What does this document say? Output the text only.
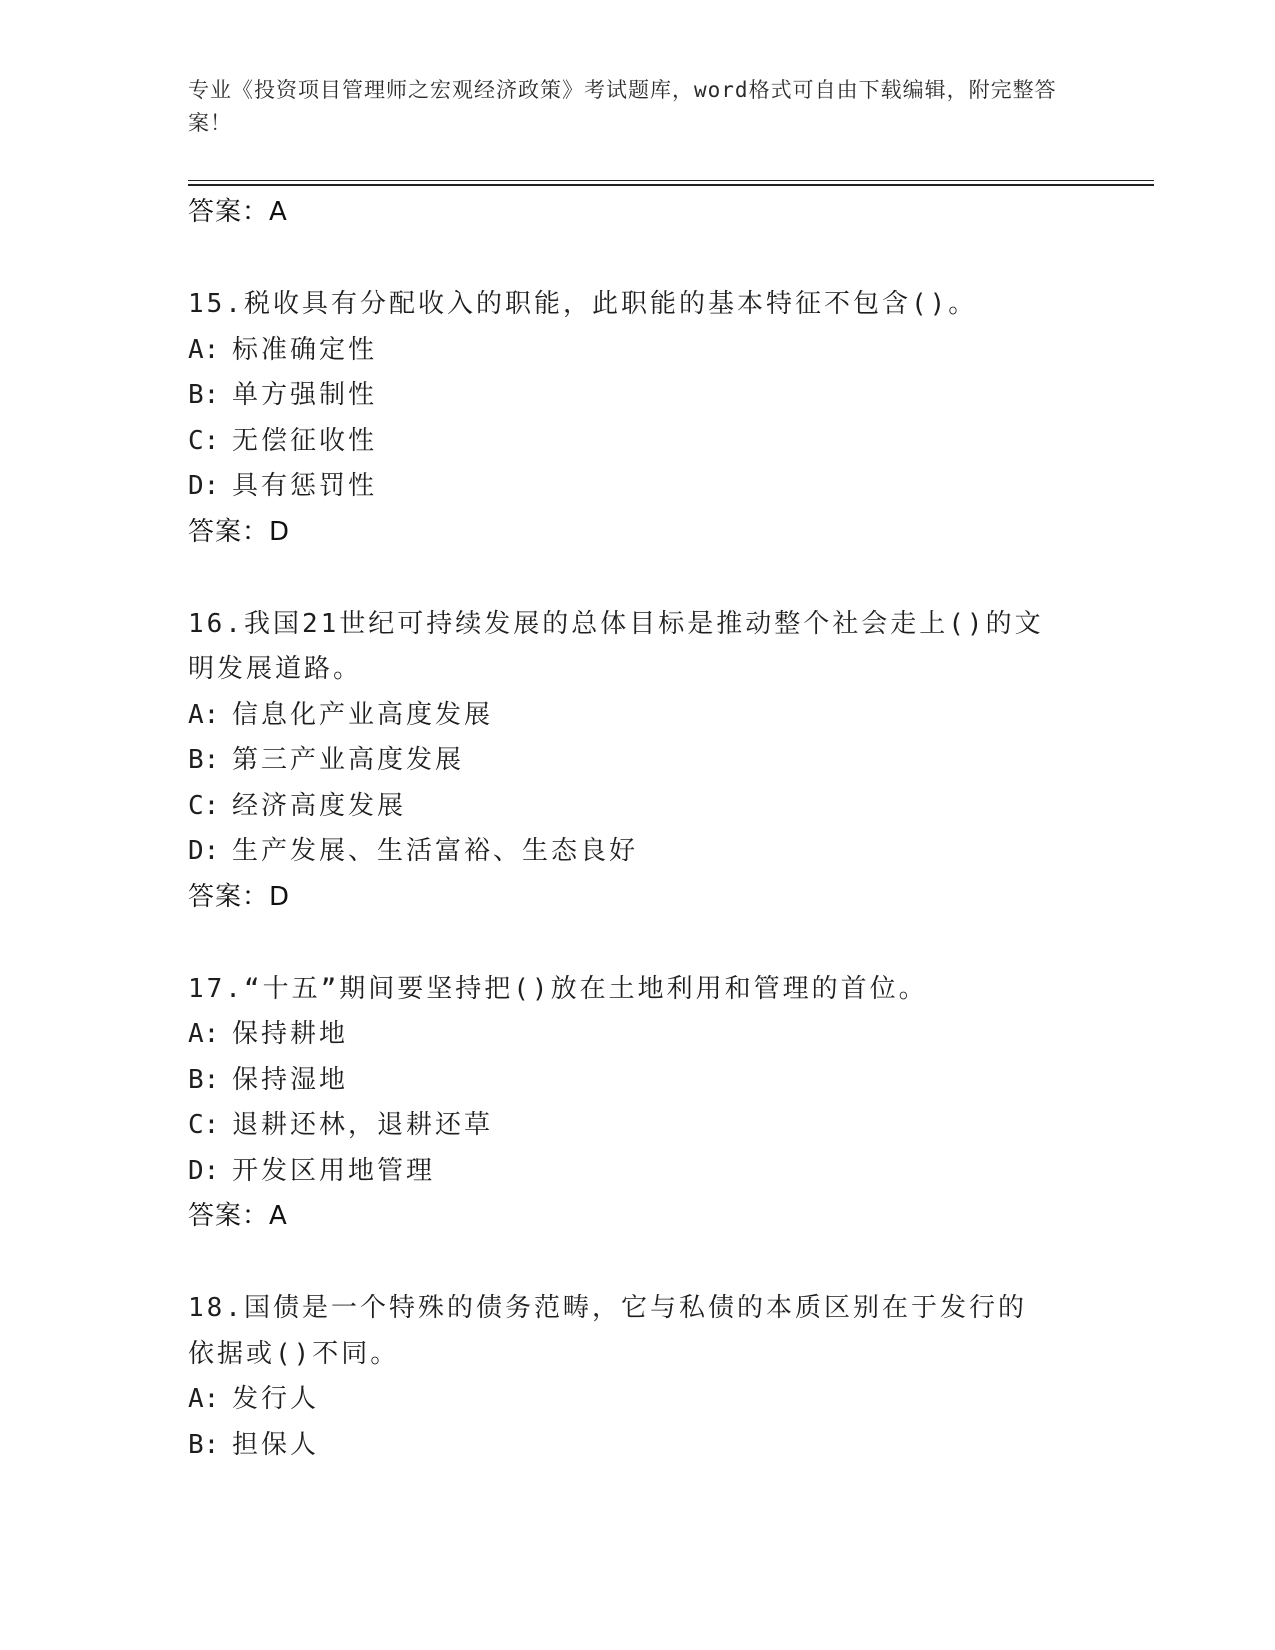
专业《投资项目管理师之宏观经济政策》考试题库，word格式可自由下载编辑，附完整答案！
答案：A
15.税收具有分配收入的职能，此职能的基本特征不包含()。
A: 标准确定性
B: 单方强制性
C: 无偿征收性
D: 具有惩罚性
答案：D
16.我国21世纪可持续发展的总体目标是推动整个社会走上()的文明发展道路。
A: 信息化产业高度发展
B: 第三产业高度发展
C: 经济高度发展
D: 生产发展、生活富裕、生态良好
答案：D
17.“十五”期间要坚持把()放在土地利用和管理的首位。
A: 保持耕地
B: 保持湿地
C: 退耕还林，退耕还草
D: 开发区用地管理
答案：A
18.国债是一个特殊的债务范畴，它与私债的本质区别在于发行的依据或()不同。
A: 发行人
B: 担保人
